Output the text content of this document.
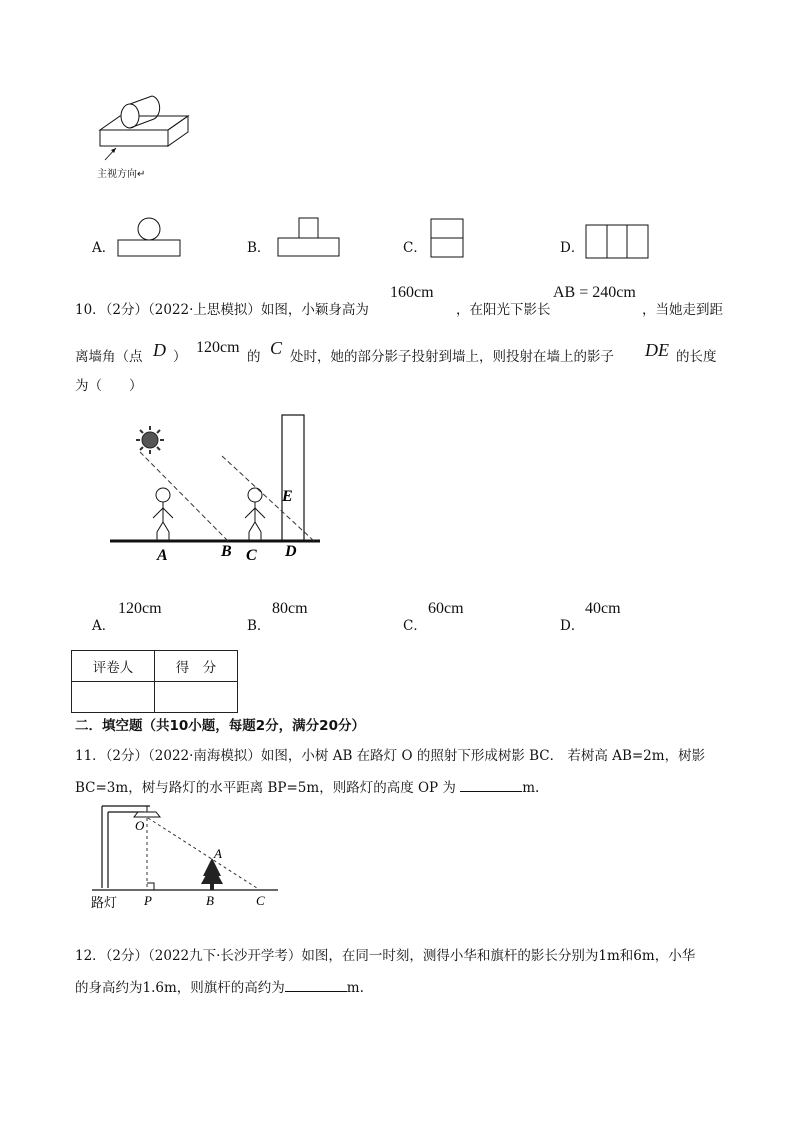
主视方向↵
A．	B．	C．	D．
10．（2分）（2022·上思模拟）如图，小颖身高为
160cm
，在阳光下影长
AB = 240cm
，当她走到距
离墙角（点 D ）
120cm
的 C 处时，她的部分影子投射到墙上，则投射在墙上的影子 DE 的长度
为（　　）
A	B C D
E
A．
120cm
B．
80cm
C．
60cm
D．
40cm
评卷人	得　分

二．填空题（共10小题，每题2分，满分20分）
11．（2分）（2022·南海模拟）如图，小树 AB 在路灯 O 的照射下形成树影 BC． 若树高 AB=2m，树影
BC=3m，树与路灯的水平距离 BP=5m，则路灯的高度 OP 为	m.
O
A
P	B	C
路灯
12．（2分）（2022九下·长沙开学考）如图，在同一时刻，测得小华和旗杆的影长分别为1m和6m，小华
的身高约为1.6m，则旗杆的高约为	m.
